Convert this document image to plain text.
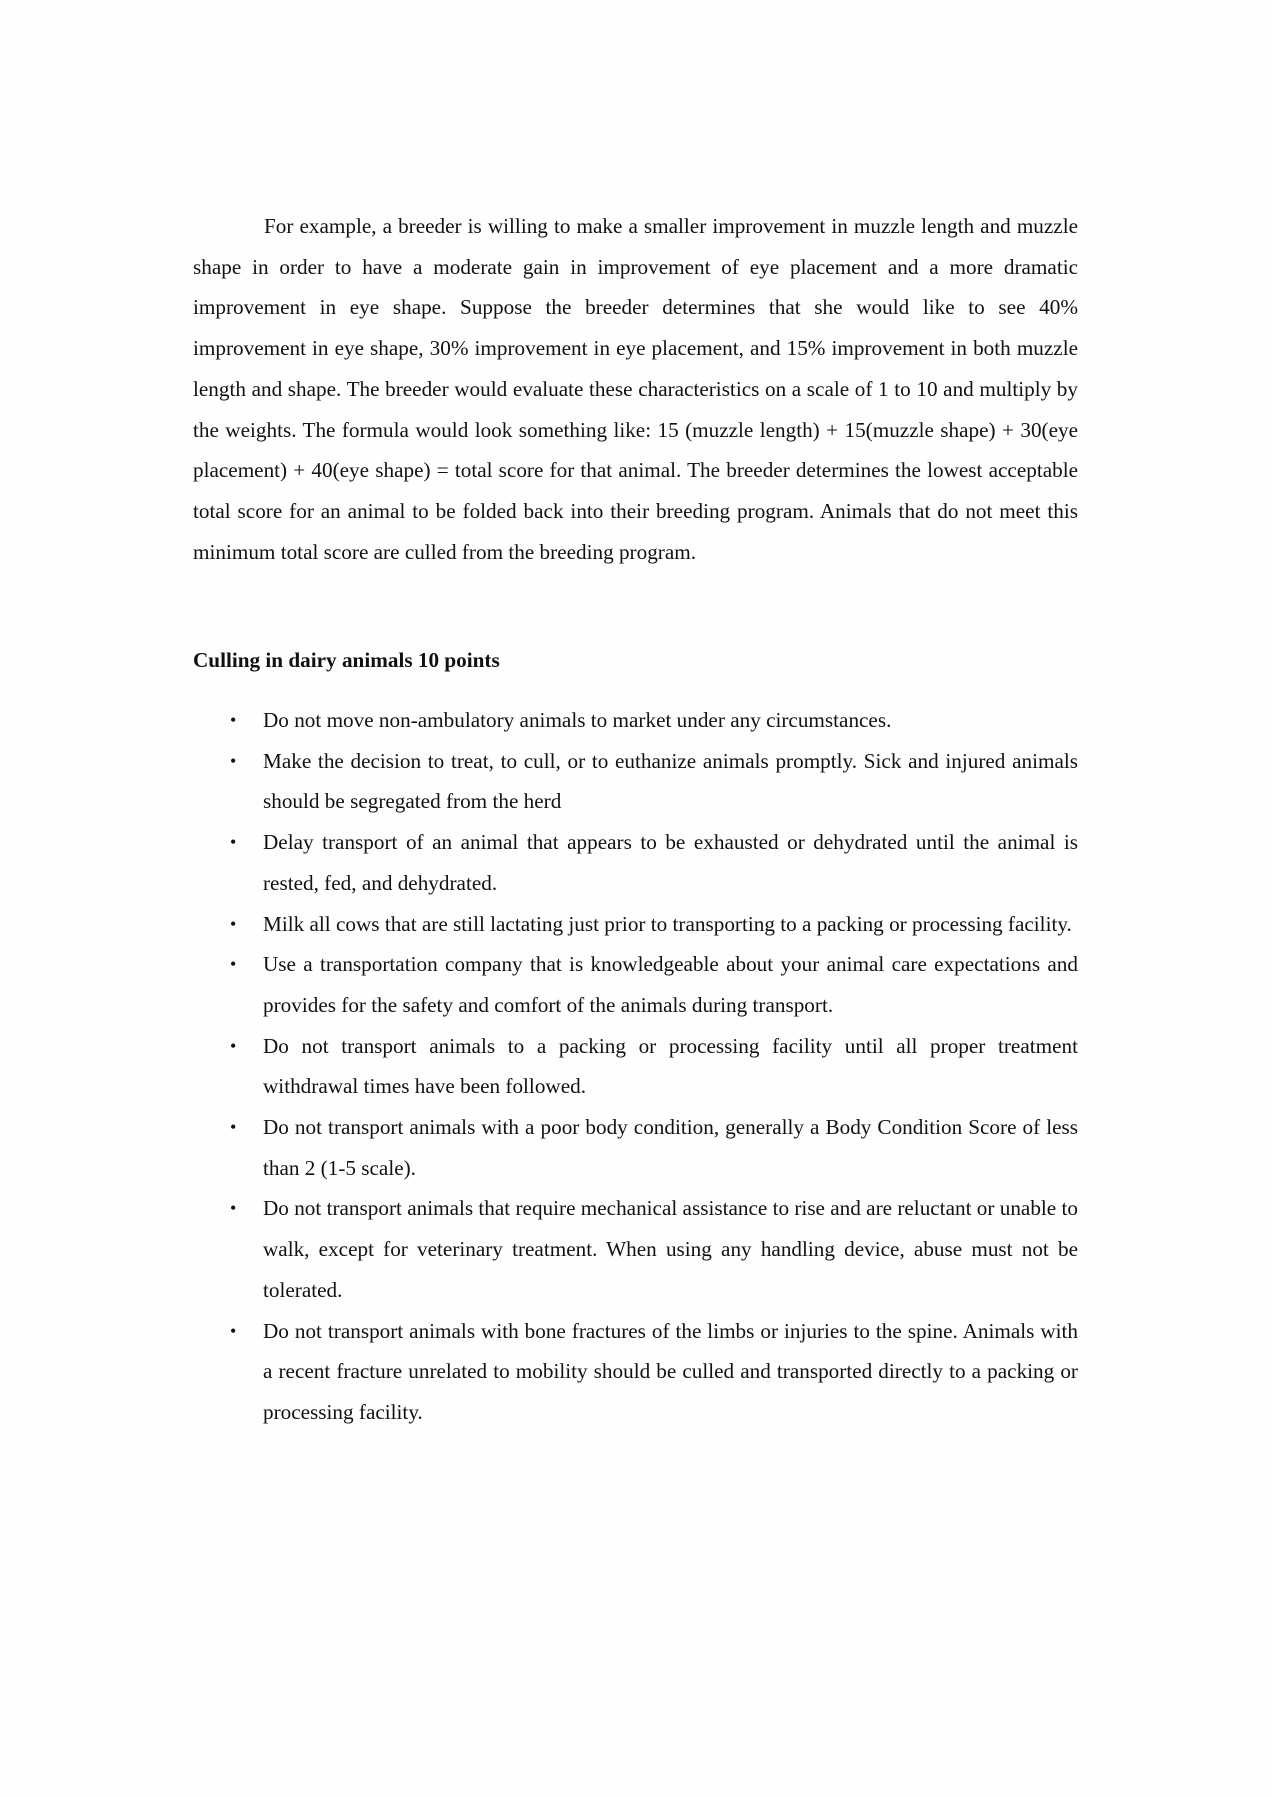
For example, a breeder is willing to make a smaller improvement in muzzle length and muzzle shape in order to have a moderate gain in improvement of eye placement and a more dramatic improvement in eye shape. Suppose the breeder determines that she would like to see 40% improvement in eye shape, 30% improvement in eye placement, and 15% improvement in both muzzle length and shape. The breeder would evaluate these characteristics on a scale of 1 to 10 and multiply by the weights. The formula would look something like: 15 (muzzle length) + 15(muzzle shape) + 30(eye placement) + 40(eye shape) = total score for that animal. The breeder determines the lowest acceptable total score for an animal to be folded back into their breeding program. Animals that do not meet this minimum total score are culled from the breeding program.

Culling in dairy animals 10 points
• Do not move non-ambulatory animals to market under any circumstances.
• Make the decision to treat, to cull, or to euthanize animals promptly. Sick and injured animals should be segregated from the herd
• Delay transport of an animal that appears to be exhausted or dehydrated until the animal is rested, fed, and dehydrated.
• Milk all cows that are still lactating just prior to transporting to a packing or processing facility.
• Use a transportation company that is knowledgeable about your animal care expectations and provides for the safety and comfort of the animals during transport.
• Do not transport animals to a packing or processing facility until all proper treatment withdrawal times have been followed.
• Do not transport animals with a poor body condition, generally a Body Condition Score of less than 2 (1-5 scale).
• Do not transport animals that require mechanical assistance to rise and are reluctant or unable to walk, except for veterinary treatment. When using any handling device, abuse must not be tolerated.
• Do not transport animals with bone fractures of the limbs or injuries to the spine. Animals with a recent fracture unrelated to mobility should be culled and transported directly to a packing or processing facility.
